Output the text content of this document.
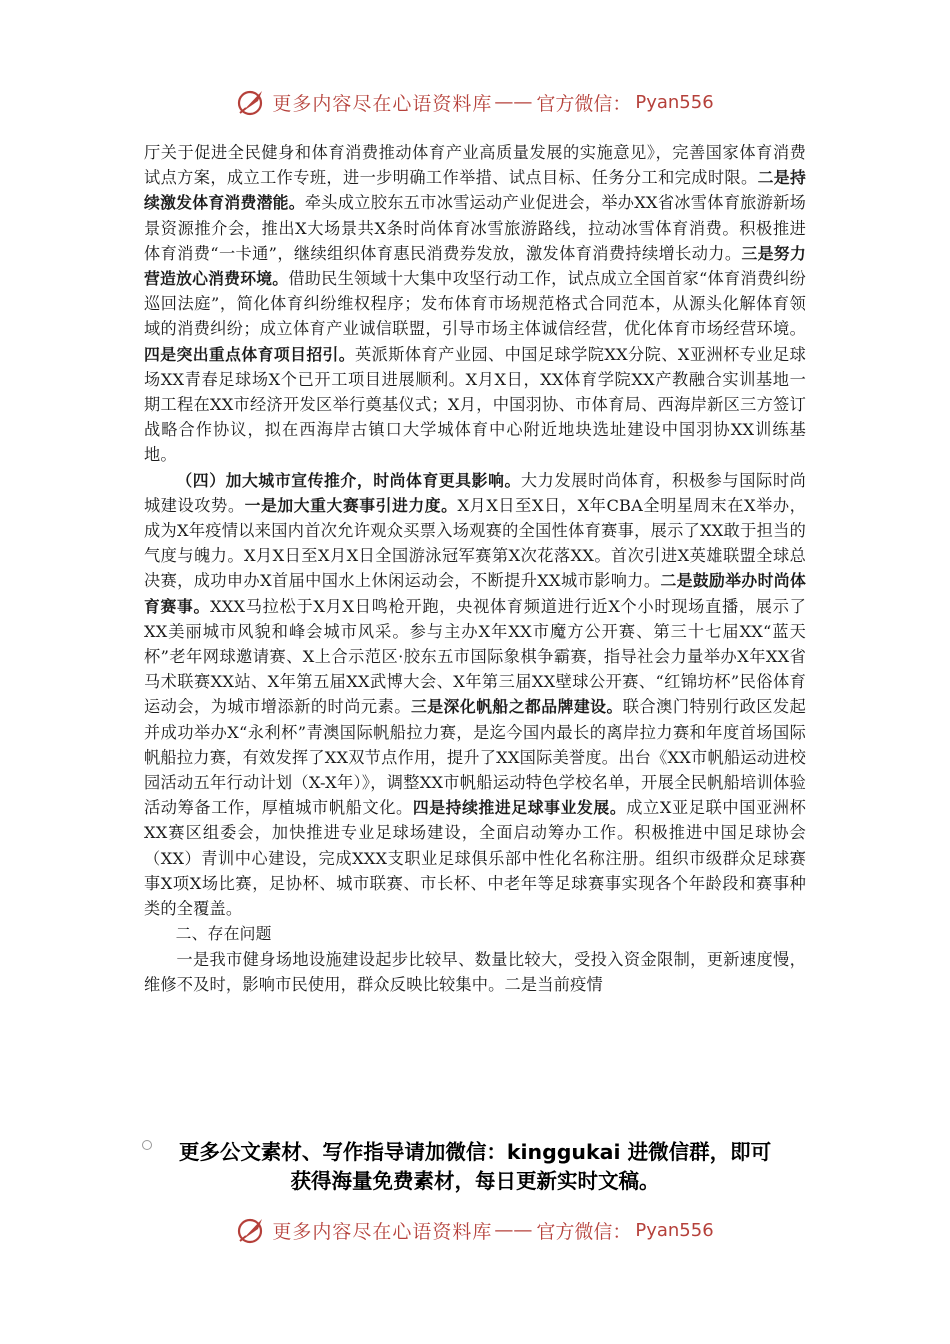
更多内容尽在心语资料库 —— 官方微信： Pyan556

厅关于促进全民健身和体育消费推动体育产业高质量发展的实施意见》，完善国家体育消费试点方案，成立工作专班，进一步明确工作举措、试点目标、任务分工和完成时限。二是持续激发体育消费潜能。牵头成立胶东五市冰雪运动产业促进会，举办XX省冰雪体育旅游新场景资源推介会，推出X大场景共X条时尚体育冰雪旅游路线，拉动冰雪体育消费。积极推进体育消费“一卡通”，继续组织体育惠民消费券发放，激发体育消费持续增长动力。三是努力营造放心消费环境。借助民生领域十大集中攻坚行动工作，试点成立全国首家“体育消费纠纷巡回法庭”，简化体育纠纷维权程序；发布体育市场规范格式合同范本，从源头化解体育领域的消费纠纷；成立体育产业诚信联盟，引导市场主体诚信经营，优化体育市场经营环境。四是突出重点体育项目招引。英派斯体育产业园、中国足球学院XX分院、X亚洲杯专业足球场XX青春足球场X个已开工项目进展顺利。X月X日，XX体育学院XX产教融合实训基地一期工程在XX市经济开发区举行奠基仪式；X月，中国羽协、市体育局、西海岸新区三方签订战略合作协议，拟在西海岸古镇口大学城体育中心附近地块选址建设中国羽协XX训练基地。

（四）加大城市宣传推介，时尚体育更具影响。大力发展时尚体育，积极参与国际时尚城建设攻势。一是加大重大赛事引进力度。X月X日至X日，X年CBA全明星周末在X举办，成为X年疫情以来国内首次允许观众买票入场观赛的全国性体育赛事，展示了XX敢于担当的气度与魄力。X月X日至X月X日全国游泳冠军赛第X次花落XX。首次引进X英雄联盟全球总决赛，成功申办X首届中国水上休闲运动会，不断提升XX城市影响力。二是鼓励举办时尚体育赛事。XXX马拉松于X月X日鸣枪开跑，央视体育频道进行近X个小时现场直播，展示了XX美丽城市风貌和峰会城市风采。参与主办X年XX市魔方公开赛、第三十七届XX“蓝天杯”老年网球邀请赛、X上合示范区·胶东五市国际象棋争霸赛，指导社会力量举办X年XX省马术联赛XX站、X年第五届XX武博大会、X年第三届XX壁球公开赛、“红锦坊杯”民俗体育运动会，为城市增添新的时尚元素。三是深化帆船之都品牌建设。联合澳门特别行政区发起并成功举办X“永利杯”青澳国际帆船拉力赛，是迄今国内最长的离岸拉力赛和年度首场国际帆船拉力赛，有效发挥了XX双节点作用，提升了XX国际美誉度。出台《XX市帆船运动进校园活动五年行动计划（X-X年）》，调整XX市帆船运动特色学校名单，开展全民帆船培训体验活动筹备工作，厚植城市帆船文化。四是持续推进足球事业发展。成立X亚足联中国亚洲杯XX赛区组委会，加快推进专业足球场建设，全面启动筹办工作。积极推进中国足球协会（XX）青训中心建设，完成XXX支职业足球俱乐部中性化名称注册。组织市级群众足球赛事X项X场比赛，足协杯、城市联赛、市长杯、中老年等足球赛事实现各个年龄段和赛事种类的全覆盖。

二、存在问题

一是我市健身场地设施建设起步比较早、数量比较大，受投入资金限制，更新速度慢，维修不及时，影响市民使用，群众反映比较集中。二是当前疫情

更多公文素材、写作指导请加微信：kinggukai 进微信群，即可
获得海量免费素材，每日更新实时文稿。
更多内容尽在心语资料库 —— 官方微信： Pyan556
